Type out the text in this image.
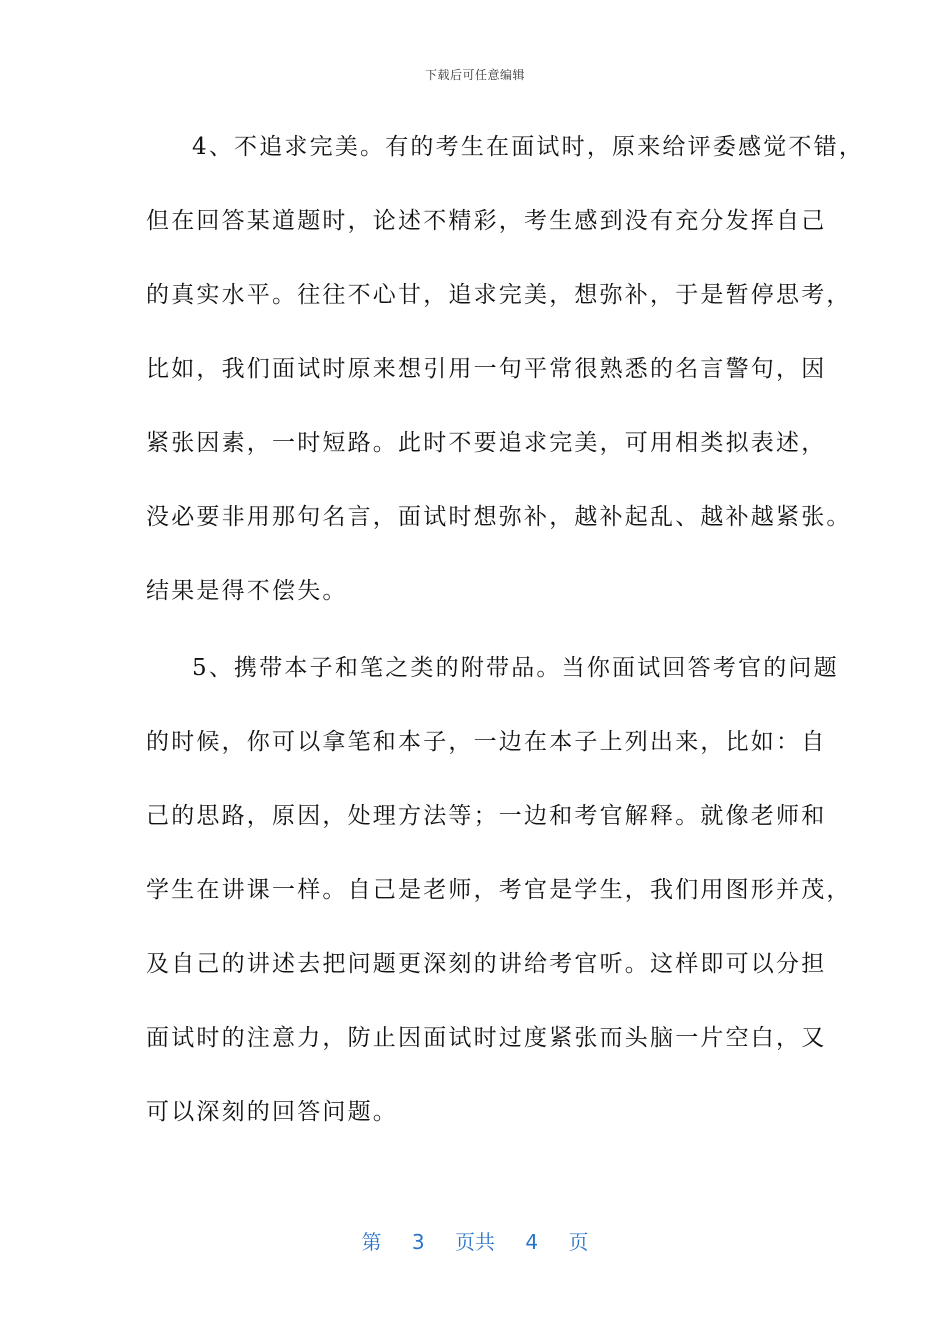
下载后可任意编辑
4、不追求完美。有的考生在面试时，原来给评委感觉不错，
但在回答某道题时，论述不精彩，考生感到没有充分发挥自己
的真实水平。往往不心甘，追求完美，想弥补，于是暂停思考，
比如，我们面试时原来想引用一句平常很熟悉的名言警句，因
紧张因素，一时短路。此时不要追求完美，可用相类拟表述，
没必要非用那句名言，面试时想弥补，越补起乱、越补越紧张。
结果是得不偿失。
5、携带本子和笔之类的附带品。当你面试回答考官的问题
的时候，你可以拿笔和本子，一边在本子上列出来，比如：自
己的思路，原因，处理方法等；一边和考官解释。就像老师和
学生在讲课一样。自己是老师，考官是学生，我们用图形并茂，
及自己的讲述去把问题更深刻的讲给考官听。这样即可以分担
面试时的注意力，防止因面试时过度紧张而头脑一片空白，又
可以深刻的回答问题。
第 3 页共 4 页
